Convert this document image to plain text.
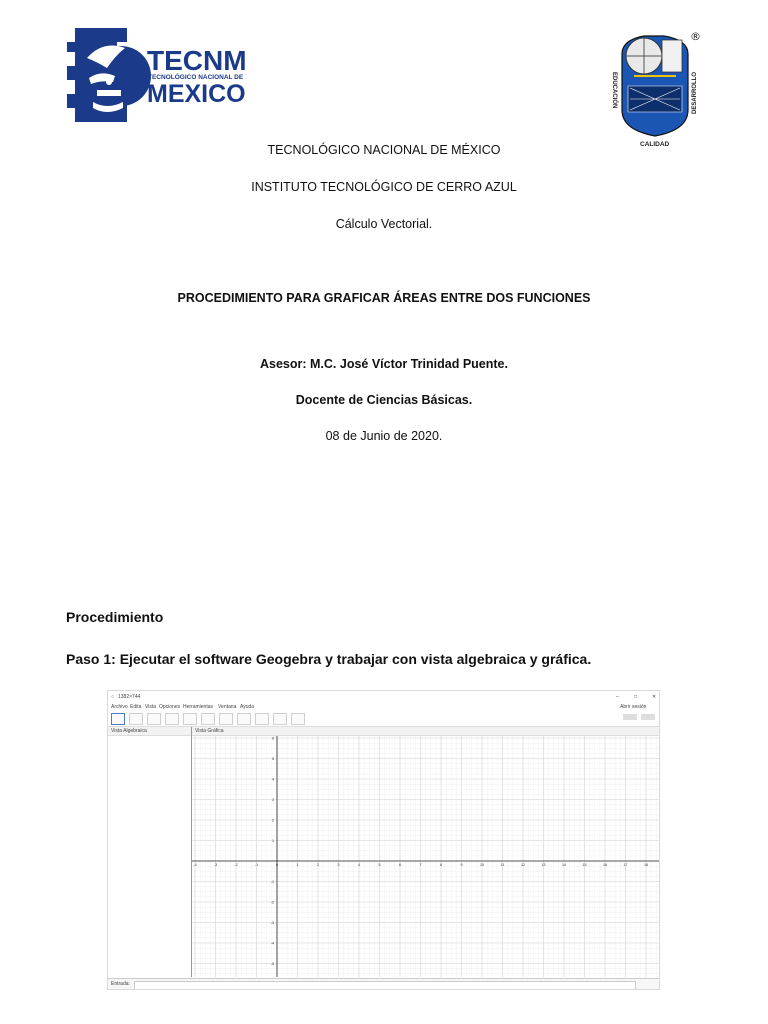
TECNM
TECNOLÓGICO NACIONAL DE
MEXICO
®
EDUCACIÓN	DESARROLLO
CALIDAD
TECNOLÓGICO NACIONAL DE MÉXICO
INSTITUTO TECNOLÓGICO DE CERRO AZUL
Cálculo Vectorial.
PROCEDIMIENTO PARA GRAFICAR ÁREAS ENTRE DOS FUNCIONES
Asesor: M.C. José Víctor Trinidad Puente.
Docente de Ciencias Básicas.
08 de Junio de 2020.
Procedimiento
Paso 1: Ejecutar el software Geogebra y trabajar con vista algebraica y gráfica.
○ 1382×744	–	□	✕
Archivo Edita Vista Opciones Herramientas Ventana Ayuda	Abrir sesión
Vista Algebraica	Vista Gráfica
-4	-3	-2	-1	0	1	2	3	4	5	6	7	8	9	10	11	12	13	14	15	16	17	18
6
5
4
3
2
1
-1
-2
-3
-4
-5
Entrada:
